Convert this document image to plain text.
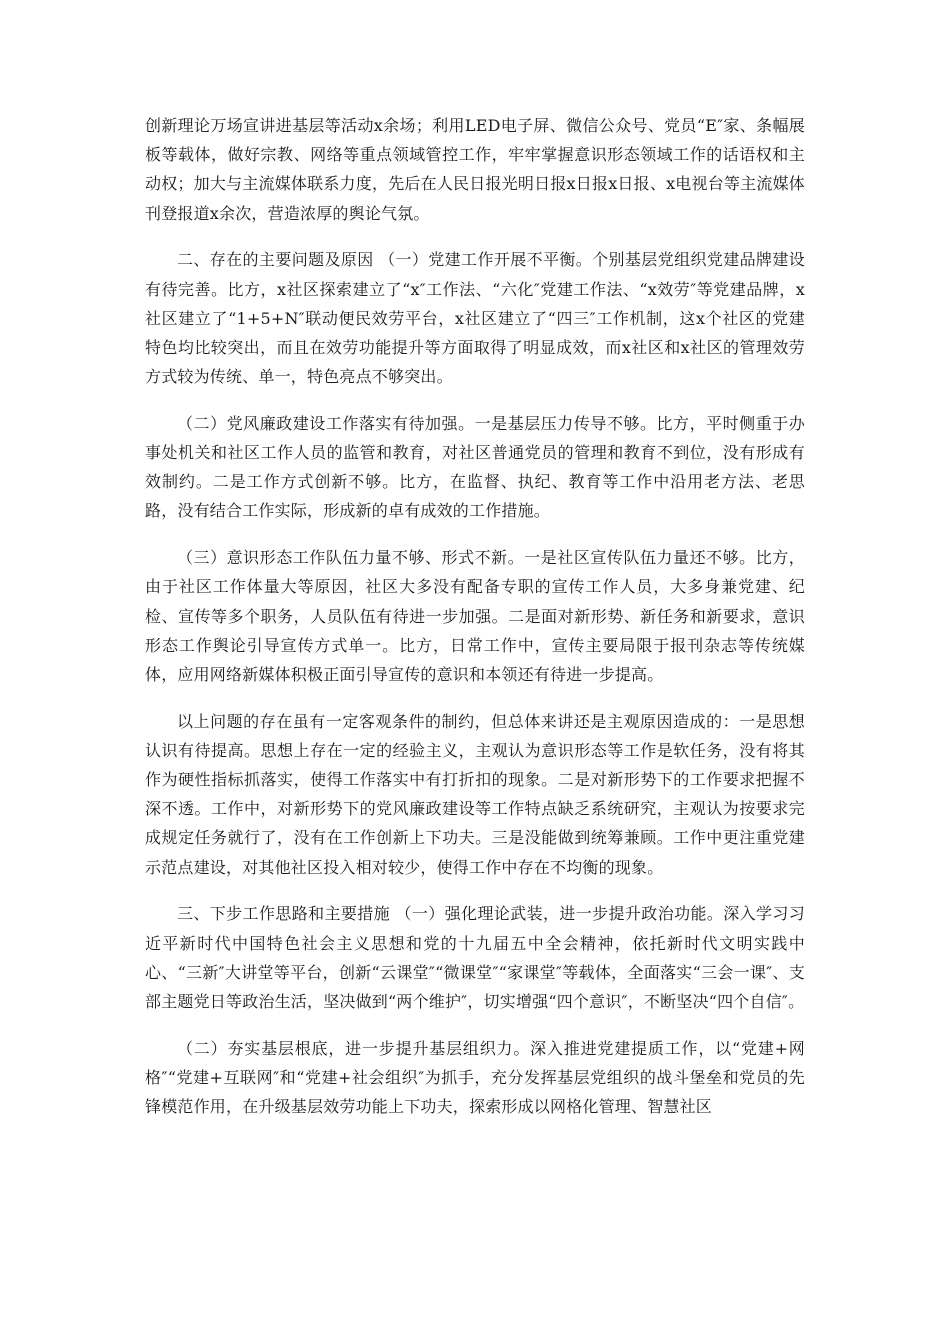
创新理论万场宣讲进基层等活动x余场；利用LED电子屏、微信公众号、党员“E″家、条幅展板等载体，做好宗教、网络等重点领域管控工作，牢牢掌握意识形态领域工作的话语权和主动权；加大与主流媒体联系力度，先后在人民日报光明日报x日报x日报、x电视台等主流媒体刊登报道x余次，营造浓厚的舆论气氛。

二、存在的主要问题及原因 （一）党建工作开展不平衡。个别基层党组织党建品牌建设有待完善。比方，x社区探索建立了“x″工作法、“六化″党建工作法、“x效劳″等党建品牌，x社区建立了“1+5+N″联动便民效劳平台，x社区建立了“四三″工作机制，这x个社区的党建特色均比较突出，而且在效劳功能提升等方面取得了明显成效，而x社区和x社区的管理效劳方式较为传统、单一，特色亮点不够突出。

（二）党风廉政建设工作落实有待加强。一是基层压力传导不够。比方，平时侧重于办事处机关和社区工作人员的监管和教育，对社区普通党员的管理和教育不到位，没有形成有效制约。二是工作方式创新不够。比方，在监督、执纪、教育等工作中沿用老方法、老思路，没有结合工作实际，形成新的卓有成效的工作措施。

（三）意识形态工作队伍力量不够、形式不新。一是社区宣传队伍力量还不够。比方，由于社区工作体量大等原因，社区大多没有配备专职的宣传工作人员，大多身兼党建、纪检、宣传等多个职务，人员队伍有待进一步加强。二是面对新形势、新任务和新要求，意识形态工作舆论引导宣传方式单一。比方，日常工作中，宣传主要局限于报刊杂志等传统媒体，应用网络新媒体积极正面引导宣传的意识和本领还有待进一步提高。

以上问题的存在虽有一定客观条件的制约，但总体来讲还是主观原因造成的：一是思想认识有待提高。思想上存在一定的经验主义，主观认为意识形态等工作是软任务，没有将其作为硬性指标抓落实，使得工作落实中有打折扣的现象。二是对新形势下的工作要求把握不深不透。工作中，对新形势下的党风廉政建设等工作特点缺乏系统研究，主观认为按要求完成规定任务就行了，没有在工作创新上下功夫。三是没能做到统筹兼顾。工作中更注重党建示范点建设，对其他社区投入相对较少，使得工作中存在不均衡的现象。

三、下步工作思路和主要措施 （一）强化理论武装，进一步提升政治功能。深入学习习近平新时代中国特色社会主义思想和党的十九届五中全会精神，依托新时代文明实践中心、“三新″大讲堂等平台，创新“云课堂″“微课堂″“家课堂″等载体，全面落实“三会一课″、支部主题党日等政治生活，坚决做到“两个维护″，切实增强“四个意识″，不断坚决“四个自信″。

（二）夯实基层根底，进一步提升基层组织力。深入推进党建提质工作，以“党建+网格″“党建+互联网″和“党建+社会组织″为抓手，充分发挥基层党组织的战斗堡垒和党员的先锋模范作用，在升级基层效劳功能上下功夫，探索形成以网格化管理、智慧社区
